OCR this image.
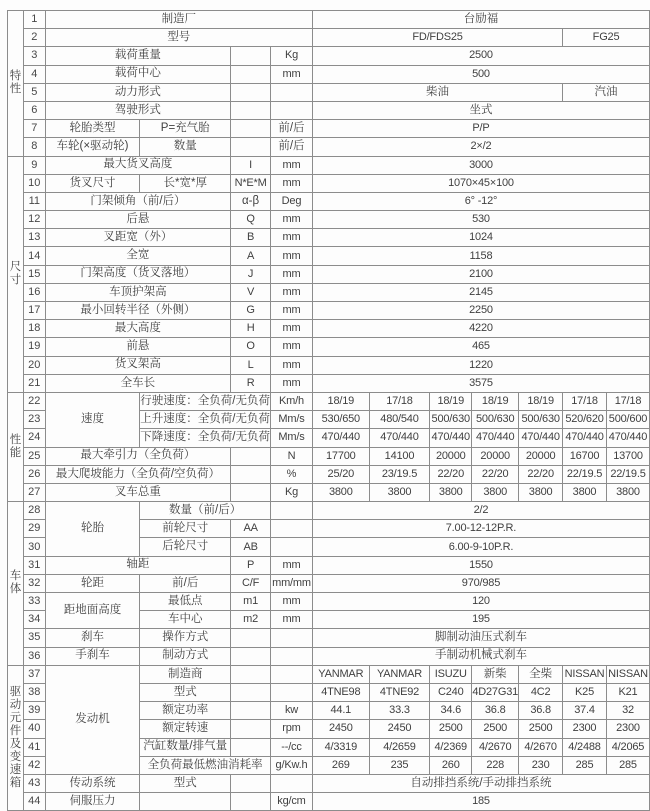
特
性	1	制造厂				台励福						
	2	型号				FD/FDS25					FG25	
	3	载荷重量			Kg	2500						
	4	载荷中心			mm	500						
	5	动力形式				柴油					汽油	
	6	驾驶形式				坐式						
	7	轮胎类型	P=充气胎		前/后	P/P						
	8	车轮(×驱动轮)	数量		前/后	2×/2						

尺
寸	9	最大货叉高度		I	mm	3000						
	10	货叉尺寸	长*宽*厚	N*E*M	mm	1070×45×100						
	11	门架倾角（前/后）		α-β	Deg	6° -12°						
	12	后悬		Q	mm	530						
	13	叉距宽（外）		B	mm	1024						
	14	全宽		A	mm	1158						
	15	门架高度（货叉落地）		J	mm	2100						
	16	车顶护架高		V	mm	2145						
	17	最小回转半径（外侧）		G	mm	2250						
	18	最大高度		H	mm	4220						
	19	前悬		O	mm	465						
	20	货叉架高		L	mm	1220						
	21	全车长		R	mm	3575						

性
能	22	速度	行驶速度：全负荷/无负荷		Km/h	18/19	17/18	18/19	18/19	18/19	17/18	17/18
	23		上升速度：全负荷/无负荷		Mm/s	530/650	480/540	500/630	500/630	500/630	520/620	500/600
	24		下降速度：全负荷/无负荷		Mm/s	470/440	470/440	470/440	470/440	470/440	470/440	470/440
	25	最大牵引力（全负荷）			N	17700	14100	20000	20000	20000	16700	13700
	26	最大爬坡能力（全负荷/空负荷）			%	25/20	23/19.5	22/20	22/20	22/20	22/19.5	22/19.5
	27	叉车总重			Kg	3800	3800	3800	3800	3800	3800	3800

车
体	28	轮胎	数量（前/后）			2/2						
	29		前轮尺寸	AA		7.00-12-12P.R.						
	30		后轮尺寸	AB		6.00-9-10P.R.						
	31	轴距		P	mm	1550						
	32	轮距	前/后	C/F	mm/mm	970/985						
	33	距地面高度	最低点	m1	mm	120						
	34		车中心	m2	mm	195						
	35	刹车	操作方式			脚制动油压式刹车						
	36	手刹车	制动方式			手制动机械式刹车						

驱
动
元
件
及
变
速
箱
	37	发动机	制造商			YANMAR	YANMAR	ISUZU	新柴	全柴	NISSAN	NISSAN
	38		型式			4TNE98	4TNE92	C240	4D27G31	4C2	K25	K21
	39		额定功率		kw	44.1	33.3	34.6	36.8	36.8	37.4	32
	40		额定转速		rpm	2450	2450	2500	2500	2500	2300	2300
	41		汽缸数量/排气量		--/cc	4/3319	4/2659	4/2369	4/2670	4/2670	4/2488	4/2065
	42		全负荷最低燃油消耗率		g/Kw.h	269	235	260	228	230	285	285
	43	传动系统	型式			自动排挡系统/手动排挡系统						
	44	伺服压力			kg/cm	185						
